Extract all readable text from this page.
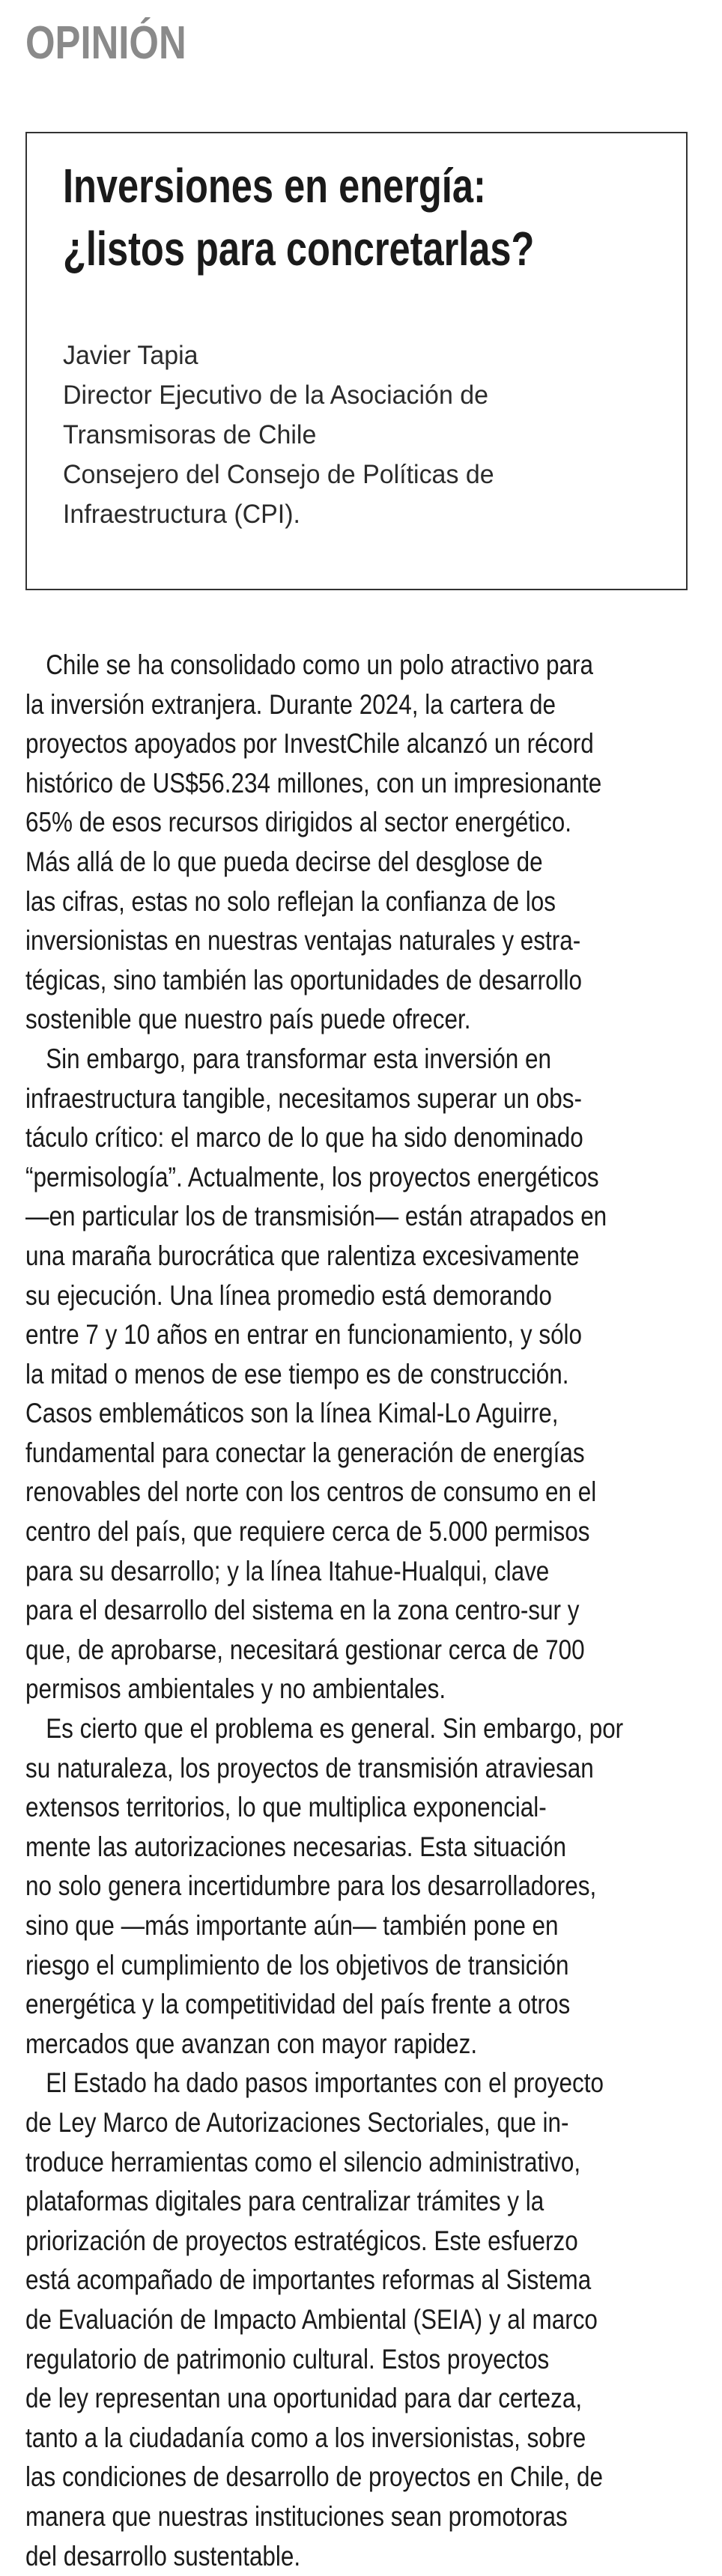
OPINIÓN
Inversiones en energía:
¿listos para concretarlas?
Javier Tapia
Director Ejecutivo de la Asociación de
Transmisoras de Chile
Consejero del Consejo de Políticas de
Infraestructura (CPI).
Chile se ha consolidado como un polo atractivo para
la inversión extranjera. Durante 2024, la cartera de
proyectos apoyados por InvestChile alcanzó un récord
histórico de US$56.234 millones, con un impresionante
65% de esos recursos dirigidos al sector energético.
Más allá de lo que pueda decirse del desglose de
las cifras, estas no solo reflejan la confianza de los
inversionistas en nuestras ventajas naturales y estra-
tégicas, sino también las oportunidades de desarrollo
sostenible que nuestro país puede ofrecer.
Sin embargo, para transformar esta inversión en
infraestructura tangible, necesitamos superar un obs-
táculo crítico: el marco de lo que ha sido denominado
“permisología”. Actualmente, los proyectos energéticos
—en particular los de transmisión— están atrapados en
una maraña burocrática que ralentiza excesivamente
su ejecución. Una línea promedio está demorando
entre 7 y 10 años en entrar en funcionamiento, y sólo
la mitad o menos de ese tiempo es de construcción.
Casos emblemáticos son la línea Kimal-Lo Aguirre,
fundamental para conectar la generación de energías
renovables del norte con los centros de consumo en el
centro del país, que requiere cerca de 5.000 permisos
para su desarrollo; y la línea Itahue-Hualqui, clave
para el desarrollo del sistema en la zona centro-sur y
que, de aprobarse, necesitará gestionar cerca de 700
permisos ambientales y no ambientales.
Es cierto que el problema es general. Sin embargo, por
su naturaleza, los proyectos de transmisión atraviesan
extensos territorios, lo que multiplica exponencial-
mente las autorizaciones necesarias. Esta situación
no solo genera incertidumbre para los desarrolladores,
sino que —más importante aún— también pone en
riesgo el cumplimiento de los objetivos de transición
energética y la competitividad del país frente a otros
mercados que avanzan con mayor rapidez.
El Estado ha dado pasos importantes con el proyecto
de Ley Marco de Autorizaciones Sectoriales, que in-
troduce herramientas como el silencio administrativo,
plataformas digitales para centralizar trámites y la
priorización de proyectos estratégicos. Este esfuerzo
está acompañado de importantes reformas al Sistema
de Evaluación de Impacto Ambiental (SEIA) y al marco
regulatorio de patrimonio cultural. Estos proyectos
de ley representan una oportunidad para dar certeza,
tanto a la ciudadanía como a los inversionistas, sobre
las condiciones de desarrollo de proyectos en Chile, de
manera que nuestras instituciones sean promotoras
del desarrollo sustentable.
